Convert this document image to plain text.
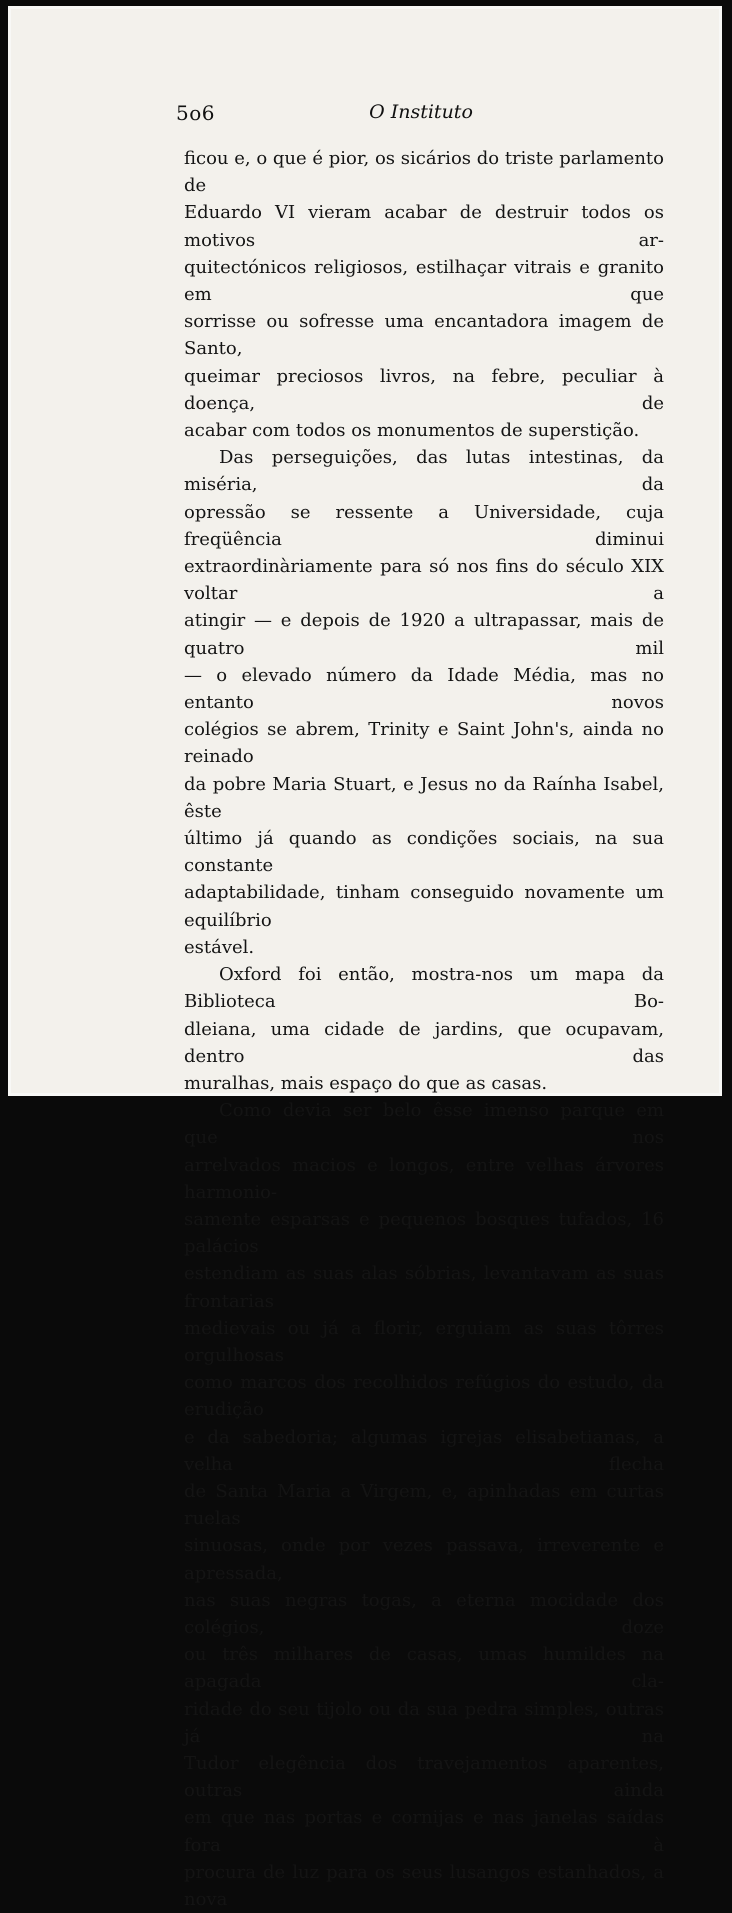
5o6	O Instituto

ficou e, o que é pior, os sicários do triste parlamento de

Eduardo VI vieram acabar de destruir todos os motivos ar-

quitectónicos religiosos, estilhaçar vitrais e granito em que

sorrisse ou sofresse uma encantadora imagem de Santo,

queimar preciosos livros, na febre, peculiar à doença, de

acabar com todos os monumentos de superstição.

Das perseguições, das lutas intestinas, da miséria, da

opressão se ressente a Universidade, cuja freqüência diminui

extraordinàriamente para só nos fins do século XIX voltar a

atingir — e depois de 1920 a ultrapassar, mais de quatro mil

— o elevado número da Idade Média, mas no entanto novos

colégios se abrem, Trinity e Saint John's, ainda no reinado

da pobre Maria Stuart, e Jesus no da Raínha Isabel, êste

último já quando as condições sociais, na sua constante

adaptabilidade, tinham conseguido novamente um equilíbrio

estável.

Oxford foi então, mostra-nos um mapa da Biblioteca Bo-

dleiana, uma cidade de jardins, que ocupavam, dentro das

muralhas, mais espaço do que as casas.

Como devia ser belo êsse imenso parque em que nos

arrelvados macios e longos, entre velhas árvores harmonio-

samente esparsas e pequenos bosques tufados, 16 palácios

estendiam as suas alas sóbrias, levantavam as suas frontarias

medievais ou já a florir, erguiam as suas tôrres orgulhosas

como marcos dos recolhidos refúgios do estudo, da erudição

e da sabedoria; algumas igrejas elisabetianas, a velha flecha

de Santa Maria a Virgem, e, apinhadas em curtas ruelas

sinuosas, onde por vezes passava, irreverente e apressada,

nas suas negras togas, a eterna mocidade dos colégios, doze

ou três milhares de casas, umas humildes na apagada cla-

ridade do seu tijolo ou da sua pedra simples, outras já na

Tudor elegência dos travejamentos aparentes, outras ainda

em que nas portas e cornijas e nas janelas saídas fora à

procura de luz para os seus lusangos estanhados, a nova
